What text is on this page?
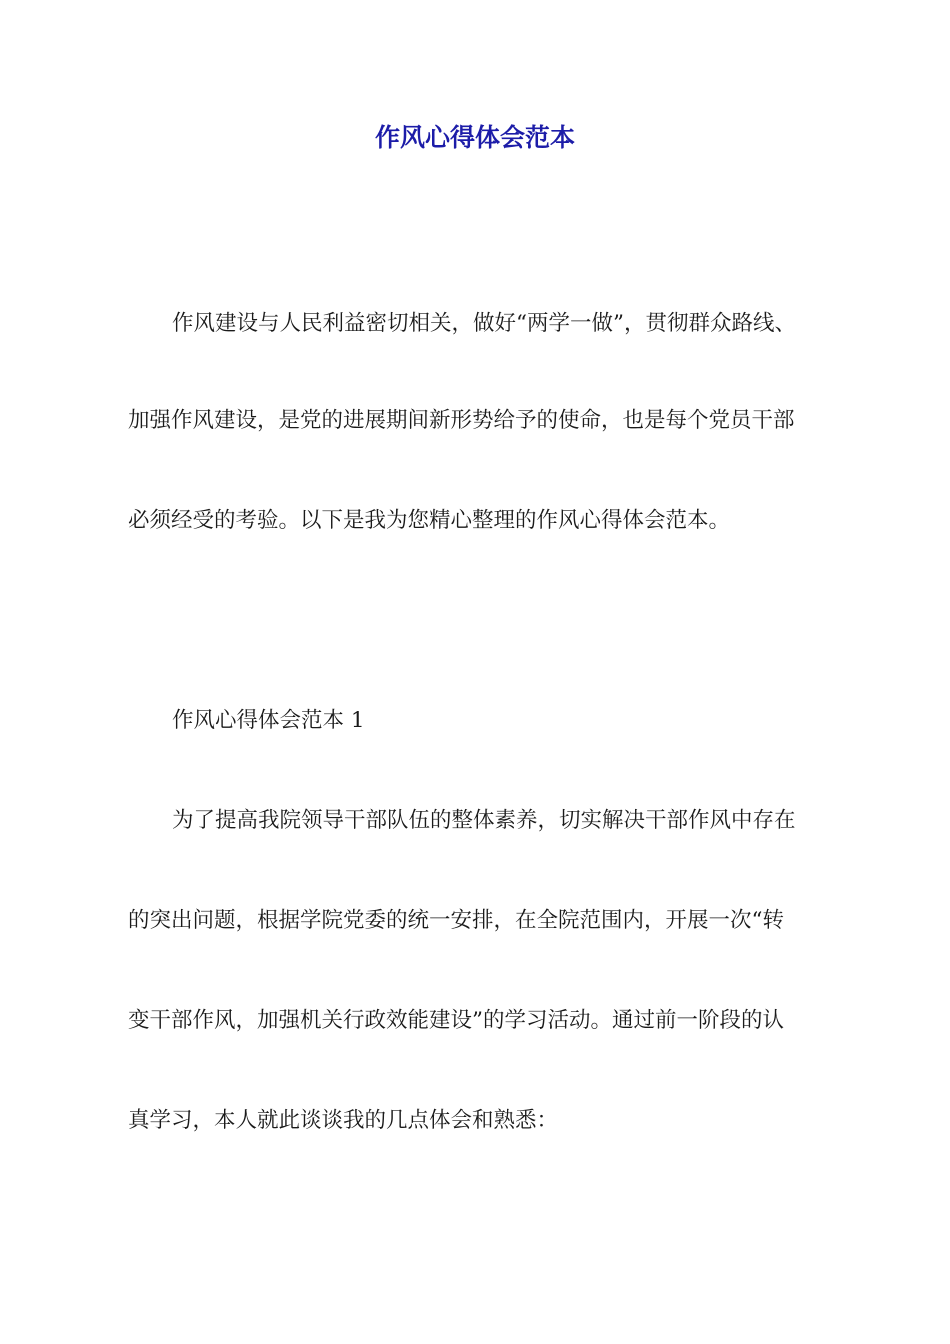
作风心得体会范本

作风建设与人民利益密切相关，做好“两学一做”，贯彻群众路线、

加强作风建设，是党的进展期间新形势给予的使命，也是每个党员干部

必须经受的考验。以下是我为您精心整理的作风心得体会范本。

作风心得体会范本 1

为了提高我院领导干部队伍的整体素养，切实解决干部作风中存在

的突出问题，根据学院党委的统一安排，在全院范围内，开展一次“转

变干部作风，加强机关行政效能建设”的学习活动。通过前一阶段的认

真学习，本人就此谈谈我的几点体会和熟悉：
